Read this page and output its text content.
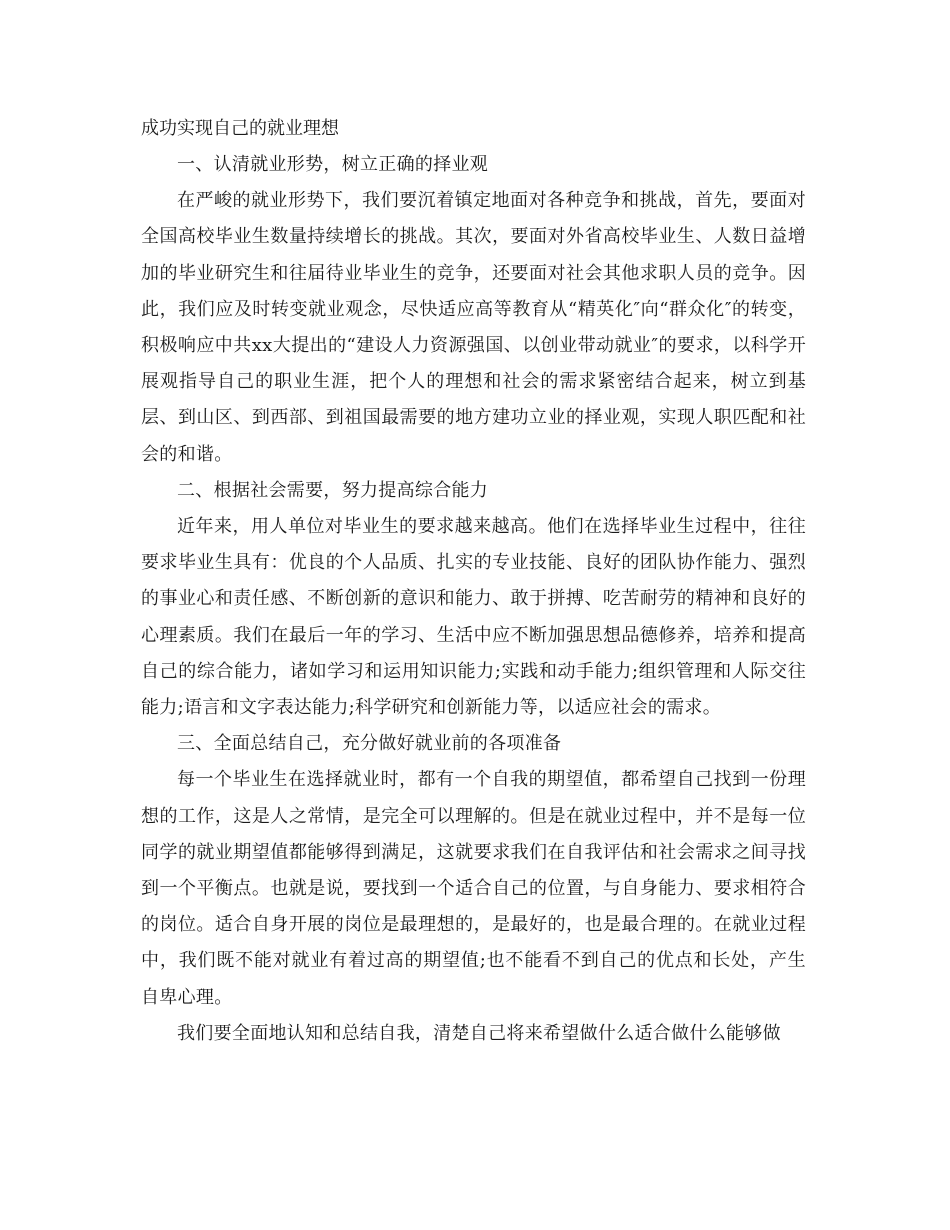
成功实现自己的就业理想

一、认清就业形势，树立正确的择业观

在严峻的就业形势下，我们要沉着镇定地面对各种竞争和挑战，首先，要面对全国高校毕业生数量持续增长的挑战。其次，要面对外省高校毕业生、人数日益增加的毕业研究生和往届待业毕业生的竞争，还要面对社会其他求职人员的竞争。因此，我们应及时转变就业观念，尽快适应高等教育从“精英化″向“群众化″的转变，积极响应中共xx大提出的“建设人力资源强国、以创业带动就业″的要求，以科学开展观指导自己的职业生涯，把个人的理想和社会的需求紧密结合起来，树立到基层、到山区、到西部、到祖国最需要的地方建功立业的择业观，实现人职匹配和社会的和谐。

二、根据社会需要，努力提高综合能力

近年来，用人单位对毕业生的要求越来越高。他们在选择毕业生过程中，往往要求毕业生具有：优良的个人品质、扎实的专业技能、良好的团队协作能力、强烈的事业心和责任感、不断创新的意识和能力、敢于拼搏、吃苦耐劳的精神和良好的心理素质。我们在最后一年的学习、生活中应不断加强思想品德修养，培养和提高自己的综合能力，诸如学习和运用知识能力;实践和动手能力;组织管理和人际交往能力;语言和文字表达能力;科学研究和创新能力等，以适应社会的需求。

三、全面总结自己，充分做好就业前的各项准备

每一个毕业生在选择就业时，都有一个自我的期望值，都希望自己找到一份理想的工作，这是人之常情，是完全可以理解的。但是在就业过程中，并不是每一位同学的就业期望值都能够得到满足，这就要求我们在自我评估和社会需求之间寻找到一个平衡点。也就是说，要找到一个适合自己的位置，与自身能力、要求相符合的岗位。适合自身开展的岗位是最理想的，是最好的，也是最合理的。在就业过程中，我们既不能对就业有着过高的期望值;也不能看不到自己的优点和长处，产生自卑心理。

我们要全面地认知和总结自我，清楚自己将来希望做什么适合做什么能够做
